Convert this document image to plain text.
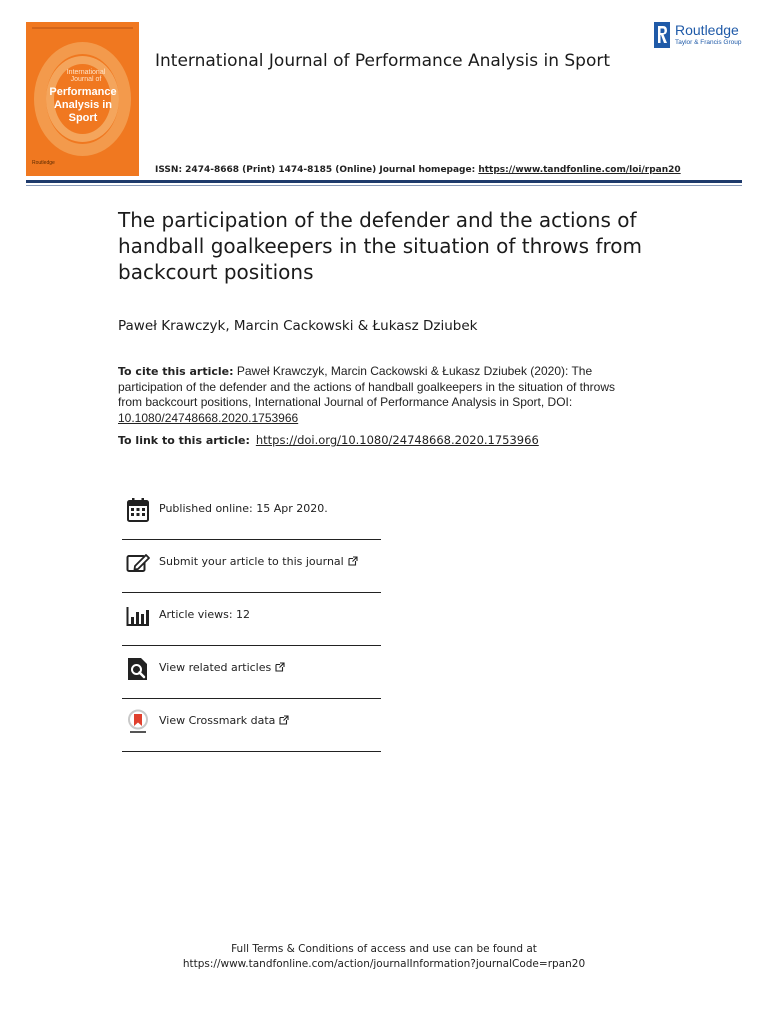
International Journal of
Performance Analysis in Sport
Routledge
International Journal of Performance Analysis in Sport
Routledge
Taylor & Francis Group
ISSN: 2474-8668 (Print) 1474-8185 (Online) Journal homepage: https://www.tandfonline.com/loi/rpan20
The participation of the defender and the actions of handball goalkeepers in the situation of throws from backcourt positions
Paweł Krawczyk, Marcin Cackowski & Łukasz Dziubek
To cite this article: Paweł Krawczyk, Marcin Cackowski & Łukasz Dziubek (2020): The participation of the defender and the actions of handball goalkeepers in the situation of throws from backcourt positions, International Journal of Performance Analysis in Sport, DOI: 10.1080/24748668.2020.1753966
To link to this article: https://doi.org/10.1080/24748668.2020.1753966
Published online: 15 Apr 2020.
Submit your article to this journal
Article views: 12
View related articles
View Crossmark data
Full Terms & Conditions of access and use can be found at
https://www.tandfonline.com/action/journalInformation?journalCode=rpan20
